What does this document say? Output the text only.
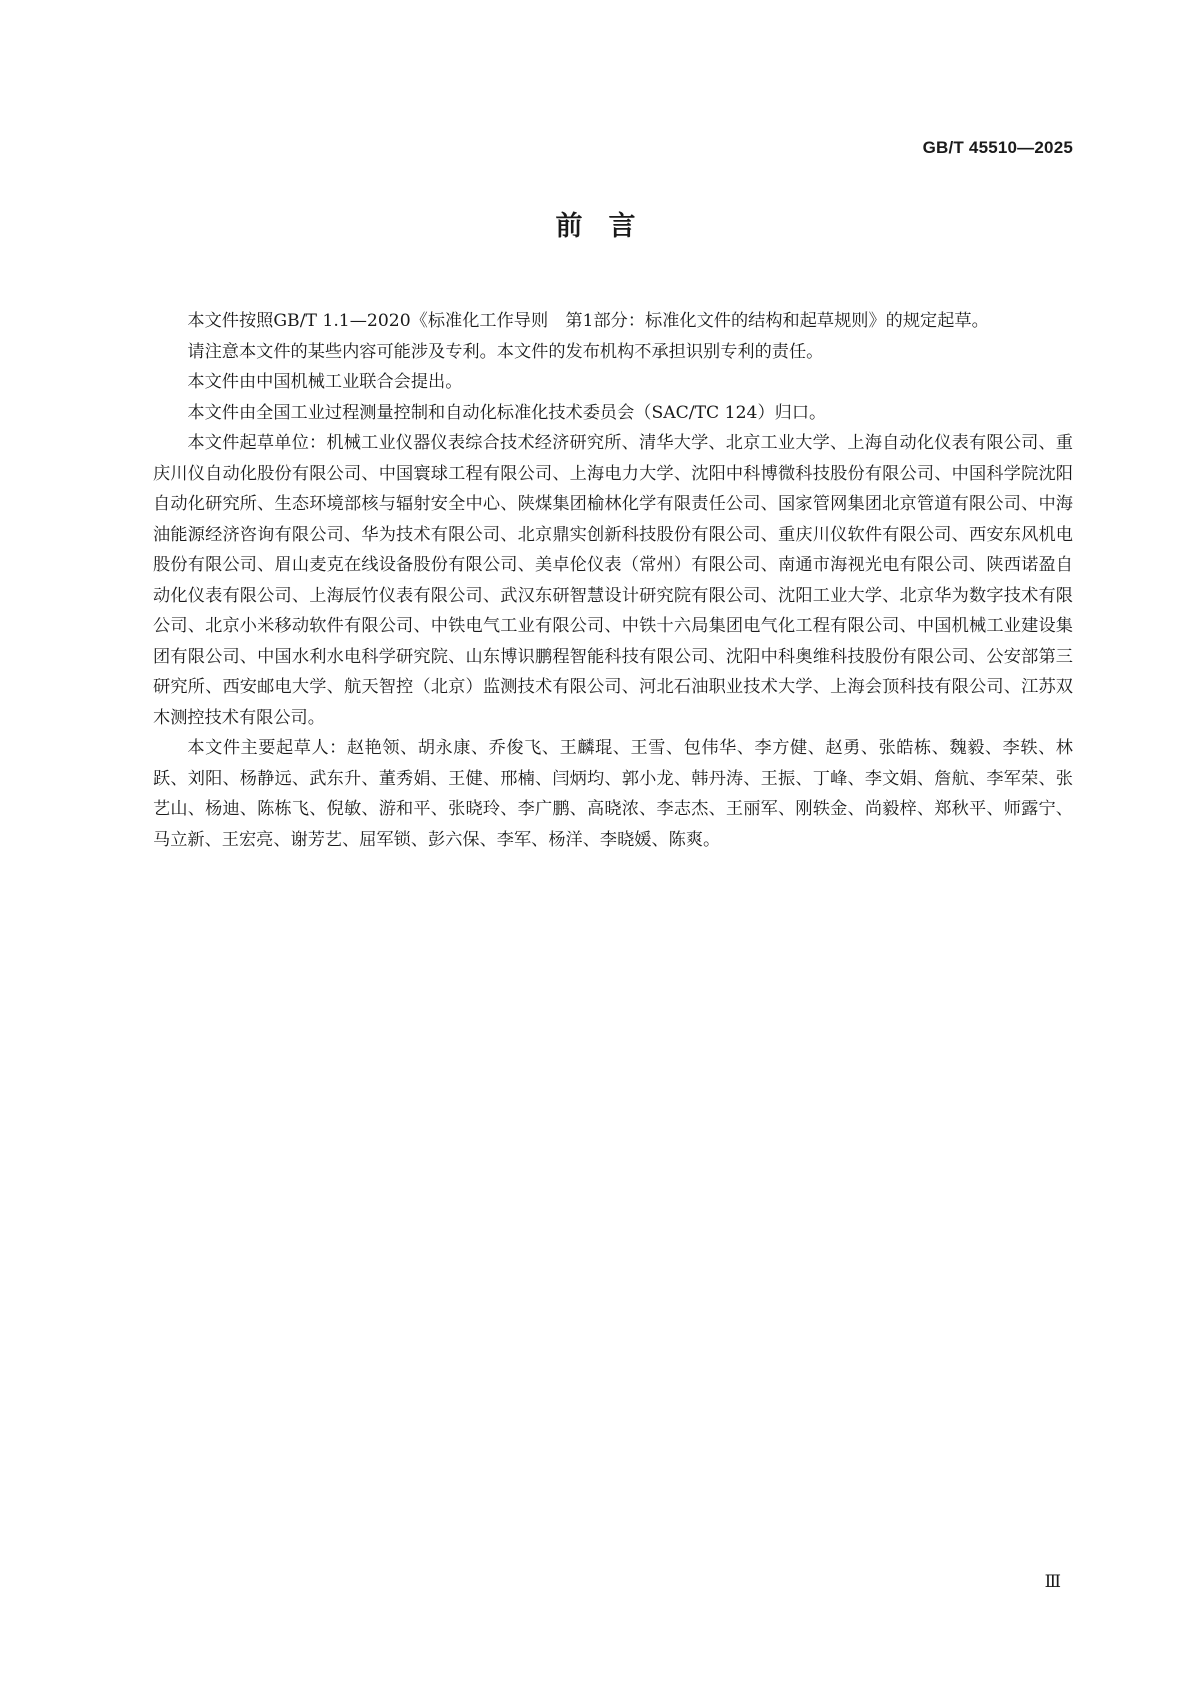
GB/T 45510—2025
前言

本文件按照GB/T 1.1—2020《标准化工作导则　第1部分：标准化文件的结构和起草规则》的规定起草。

请注意本文件的某些内容可能涉及专利。本文件的发布机构不承担识别专利的责任。

本文件由中国机械工业联合会提出。

本文件由全国工业过程测量控制和自动化标准化技术委员会（SAC/TC 124）归口。

本文件起草单位：机械工业仪器仪表综合技术经济研究所、清华大学、北京工业大学、上海自动化仪表有限公司、重庆川仪自动化股份有限公司、中国寰球工程有限公司、上海电力大学、沈阳中科博微科技股份有限公司、中国科学院沈阳自动化研究所、生态环境部核与辐射安全中心、陕煤集团榆林化学有限责任公司、国家管网集团北京管道有限公司、中海油能源经济咨询有限公司、华为技术有限公司、北京鼎实创新科技股份有限公司、重庆川仪软件有限公司、西安东风机电股份有限公司、眉山麦克在线设备股份有限公司、美卓伦仪表（常州）有限公司、南通市海视光电有限公司、陕西诺盈自动化仪表有限公司、上海辰竹仪表有限公司、武汉东研智慧设计研究院有限公司、沈阳工业大学、北京华为数字技术有限公司、北京小米移动软件有限公司、中铁电气工业有限公司、中铁十六局集团电气化工程有限公司、中国机械工业建设集团有限公司、中国水利水电科学研究院、山东博识鹏程智能科技有限公司、沈阳中科奥维科技股份有限公司、公安部第三研究所、西安邮电大学、航天智控（北京）监测技术有限公司、河北石油职业技术大学、上海会顶科技有限公司、江苏双木测控技术有限公司。

本文件主要起草人：赵艳领、胡永康、乔俊飞、王麟琨、王雪、包伟华、李方健、赵勇、张皓栋、魏毅、李轶、林跃、刘阳、杨静远、武东升、董秀娟、王健、邢楠、闫炳均、郭小龙、韩丹涛、王振、丁峰、李文娟、詹航、李军荣、张艺山、杨迪、陈栋飞、倪敏、游和平、张晓玲、李广鹏、高晓浓、李志杰、王丽军、刚轶金、尚毅梓、郑秋平、师露宁、马立新、王宏亮、谢芳艺、屈军锁、彭六保、李军、杨洋、李晓媛、陈爽。

Ⅲ
